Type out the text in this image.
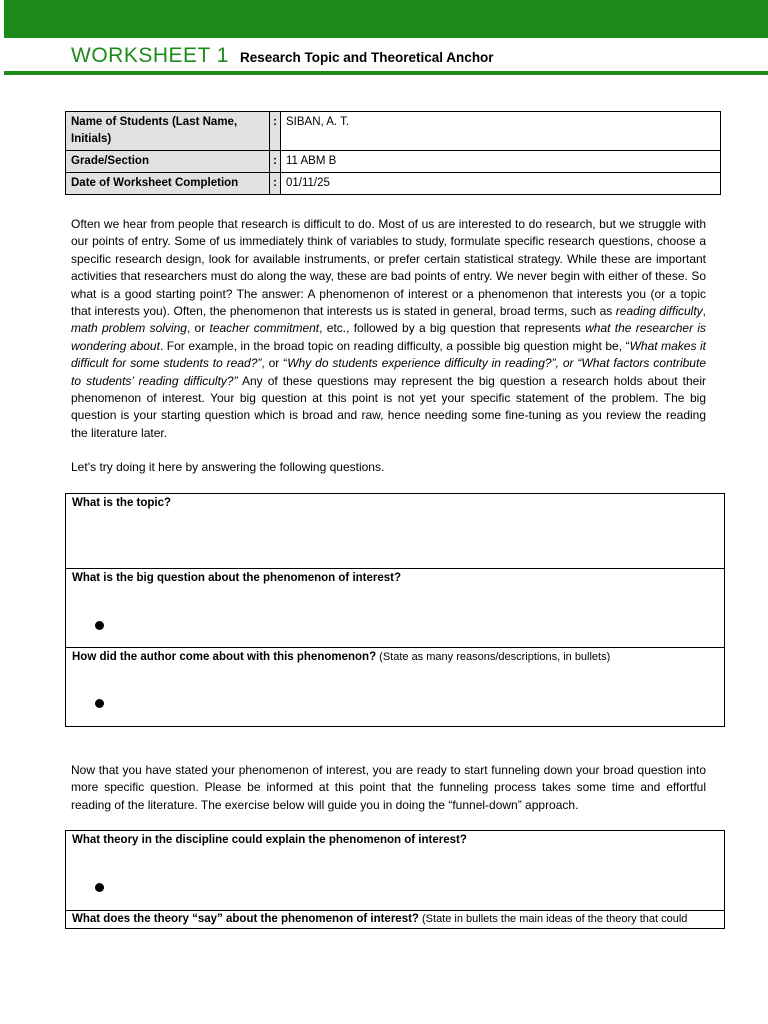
WORKSHEET 1 Research Topic and Theoretical Anchor
Name of Students (Last Name, Initials)	:	SIBAN, A. T.
Grade/Section	:	11 ABM B
Date of Worksheet Completion	:	01/11/25

Often we hear from people that research is difficult to do. Most of us are interested to do research, but we struggle with our points of entry. Some of us immediately think of variables to study, formulate specific research questions, choose a specific research design, look for available instruments, or prefer certain statistical strategy. While these are important activities that researchers must do along the way, these are bad points of entry. We never begin with either of these. So what is a good starting point? The answer: A phenomenon of interest or a phenomenon that interests you (or a topic that interests you). Often, the phenomenon that interests us is stated in general, broad terms, such as reading difficulty, math problem solving, or teacher commitment, etc., followed by a big question that represents what the researcher is wondering about. For example, in the broad topic on reading difficulty, a possible big question might be, “What makes it difficult for some students to read?”, or “Why do students experience difficulty in reading?”, or “What factors contribute to students’ reading difficulty?” Any of these questions may represent the big question a research holds about their phenomenon of interest. Your big question at this point is not yet your specific statement of the problem. The big question is your starting question which is broad and raw, hence needing some fine-tuning as you review the reading the literature later.

Let’s try doing it here by answering the following questions.
What is the topic?
What is the big question about the phenomenon of interest?
How did the author come about with this phenomenon? (State as many reasons/descriptions, in bullets)
Now that you have stated your phenomenon of interest, you are ready to start funneling down your broad question into more specific question. Please be informed at this point that the funneling process takes some time and effortful reading of the literature. The exercise below will guide you in doing the “funnel-down” approach.
What theory in the discipline could explain the phenomenon of interest?
What does the theory “say” about the phenomenon of interest? (State in bullets the main ideas of the theory that could
